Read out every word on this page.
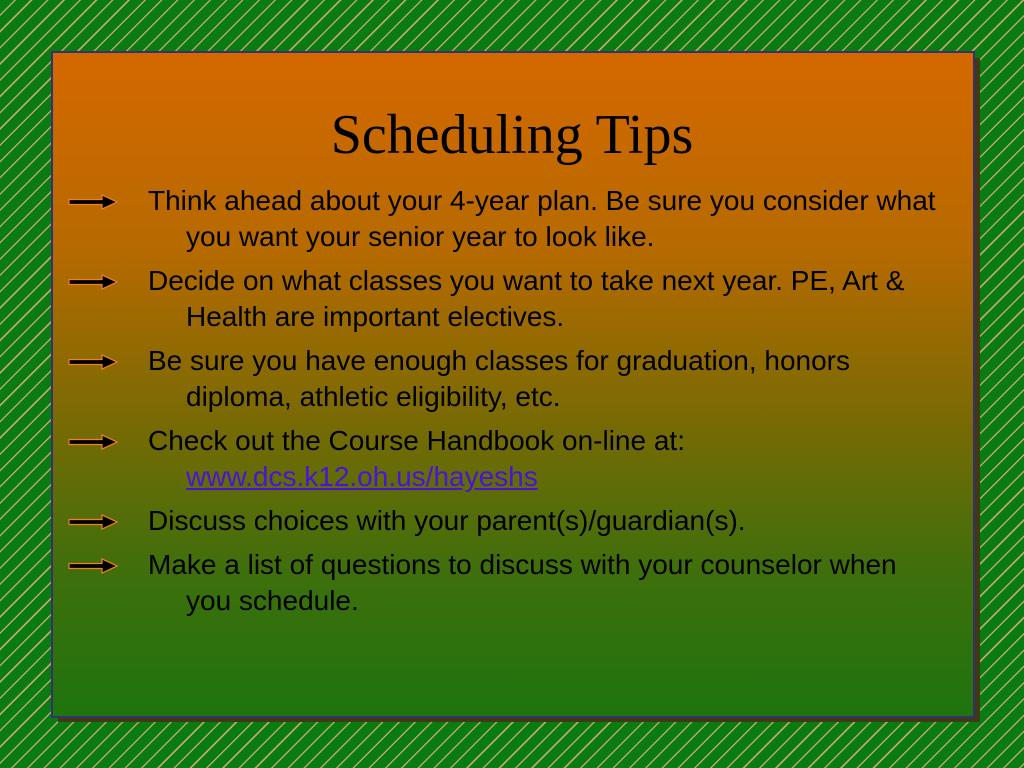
Scheduling Tips
Think ahead about your 4-year plan. Be sure you consider what you want your senior year to look like.
Decide on what classes you want to take next year. PE, Art & Health are important electives.
Be sure you have enough classes for graduation, honors diploma, athletic eligibility, etc.
Check out the Course Handbook on-line at:
www.dcs.k12.oh.us/hayeshs
Discuss choices with your parent(s)/guardian(s).
Make a list of questions to discuss with your counselor when you schedule.
